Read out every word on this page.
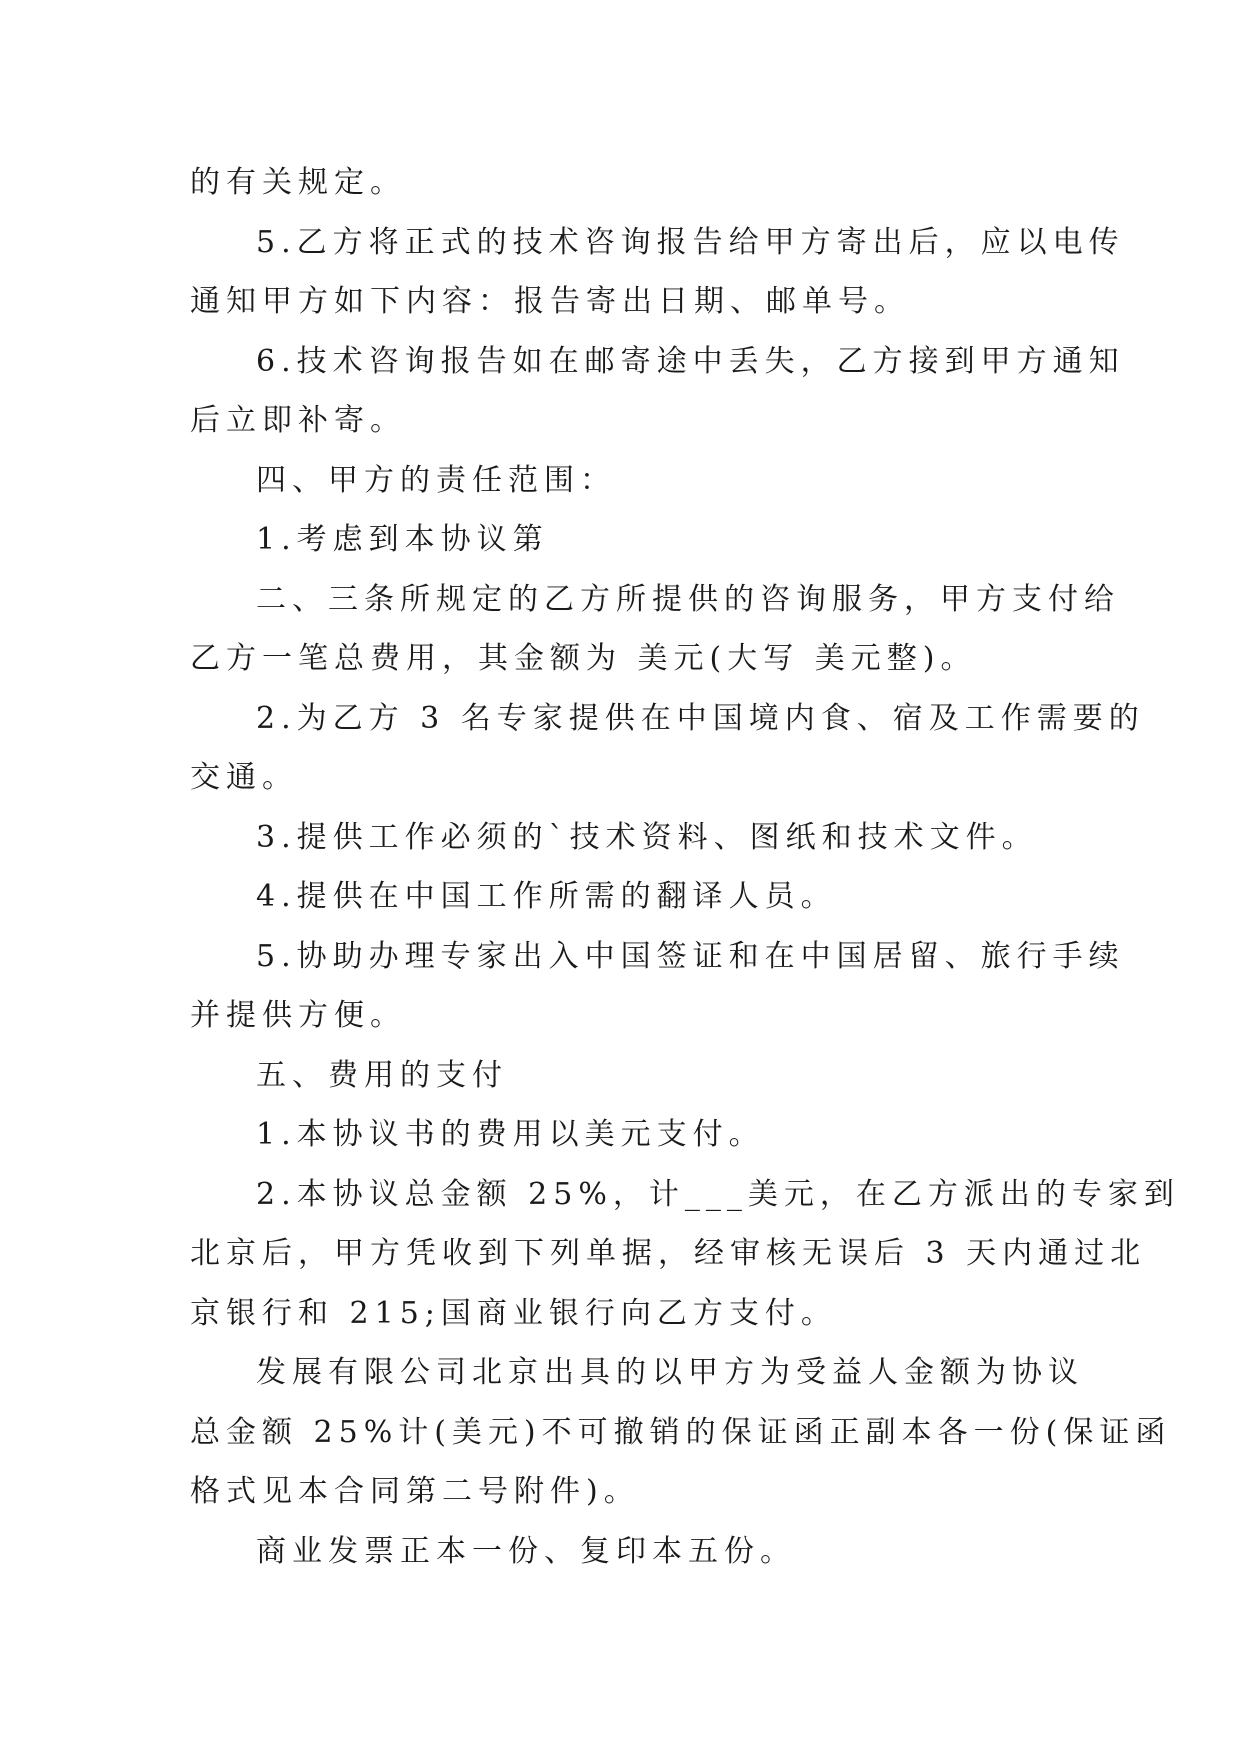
的有关规定。
5.乙方将正式的技术咨询报告给甲方寄出后，应以电传
通知甲方如下内容：报告寄出日期、邮单号。
6.技术咨询报告如在邮寄途中丢失，乙方接到甲方通知
后立即补寄。
四、甲方的责任范围：
1.考虑到本协议第
二、三条所规定的乙方所提供的咨询服务，甲方支付给
乙方一笔总费用，其金额为 美元(大写 美元整)。
2.为乙方 3 名专家提供在中国境内食、宿及工作需要的
交通。
3.提供工作必须的`技术资料、图纸和技术文件。
4.提供在中国工作所需的翻译人员。
5.协助办理专家出入中国签证和在中国居留、旅行手续
并提供方便。
五、费用的支付
1.本协议书的费用以美元支付。
2.本协议总金额 25%，计___美元，在乙方派出的专家到
北京后，甲方凭收到下列单据，经审核无误后 3 天内通过北
京银行和 215;国商业银行向乙方支付。
发展有限公司北京出具的以甲方为受益人金额为协议
总金额 25%计(美元)不可撤销的保证函正副本各一份(保证函
格式见本合同第二号附件)。
商业发票正本一份、复印本五份。
